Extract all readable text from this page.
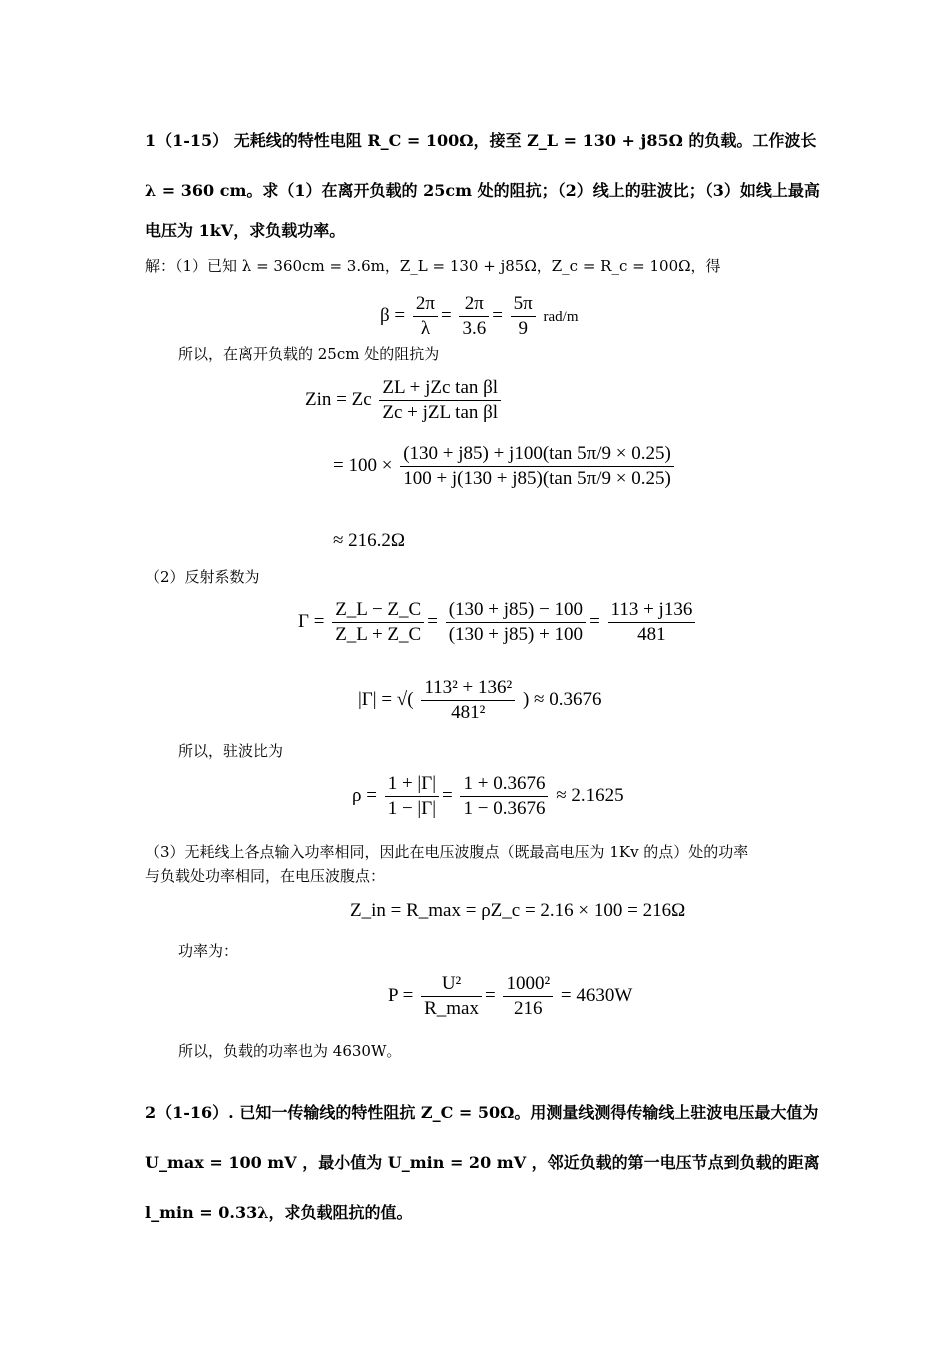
1（1-15） 无耗线的特性电阻 R_C = 100Ω，接至 Z_L = 130 + j85Ω 的负载。工作波长
λ = 360 cm。求（1）在离开负载的 25cm 处的阻抗；（2）线上的驻波比；（3）如线上最高
电压为 1kV，求负载功率。
解：（1）已知 λ = 360cm = 3.6m，Z_L = 130 + j85Ω，Z_c = R_c = 100Ω，得
$\beta = \frac{2\pi}{\lambda} = \frac{2\pi}{3.6} = \frac{5\pi}{9} rad/m$
所以，在离开负载的 25cm 处的阻抗为
Zin = Zc $\frac{\text{ZL + jZc tan βl}}{\text{Zc + jZL tan βl}}$
= $100 \times \frac{(130 + j85) + j100(\tan 5\pi/9 \times 0.25)}{100 + j(130 + j85)(\tan 5\pi/9 \times 0.25)}$
≈ 216.2Ω
（2）反射系数为
$\Gamma = \frac{Z\_L - Z\_C}{Z\_L + Z\_C} = \frac{(130 + j85) - 100}{(130 + j85) + 100} = \frac{113 + j136}{481}$
|Γ| = √( $\frac{\text{113² + 136²}}{\text{481²}}$ ) ≈ 0.3676
所以，驻波比为
$\rho = \frac{1 + |\Gamma|}{1 - |\Gamma|} = \frac{1 + 0.3676}{1 - 0.3676} \approx 2.1625$
（3）无耗线上各点输入功率相同，因此在电压波腹点（既最高电压为 1Kv 的点）处的功率
与负载处功率相同，在电压波腹点：
Z_in = R_max = ρZ_c = 2.16 × 100 = 216Ω
功率为：
$P = \frac{\text{U²}}{R\_\max} = \frac{\text{1000²}}{216} = 4630W$
所以，负载的功率也为 4630W。
2（1-16）. 已知一传输线的特性阻抗 Z_C = 50Ω。用测量线测得传输线上驻波电压最大值为
U_max = 100 mV ，最小值为 U_min = 20 mV ，邻近负载的第一电压节点到负载的距离
l_min = 0.33λ，求负载阻抗的值。
